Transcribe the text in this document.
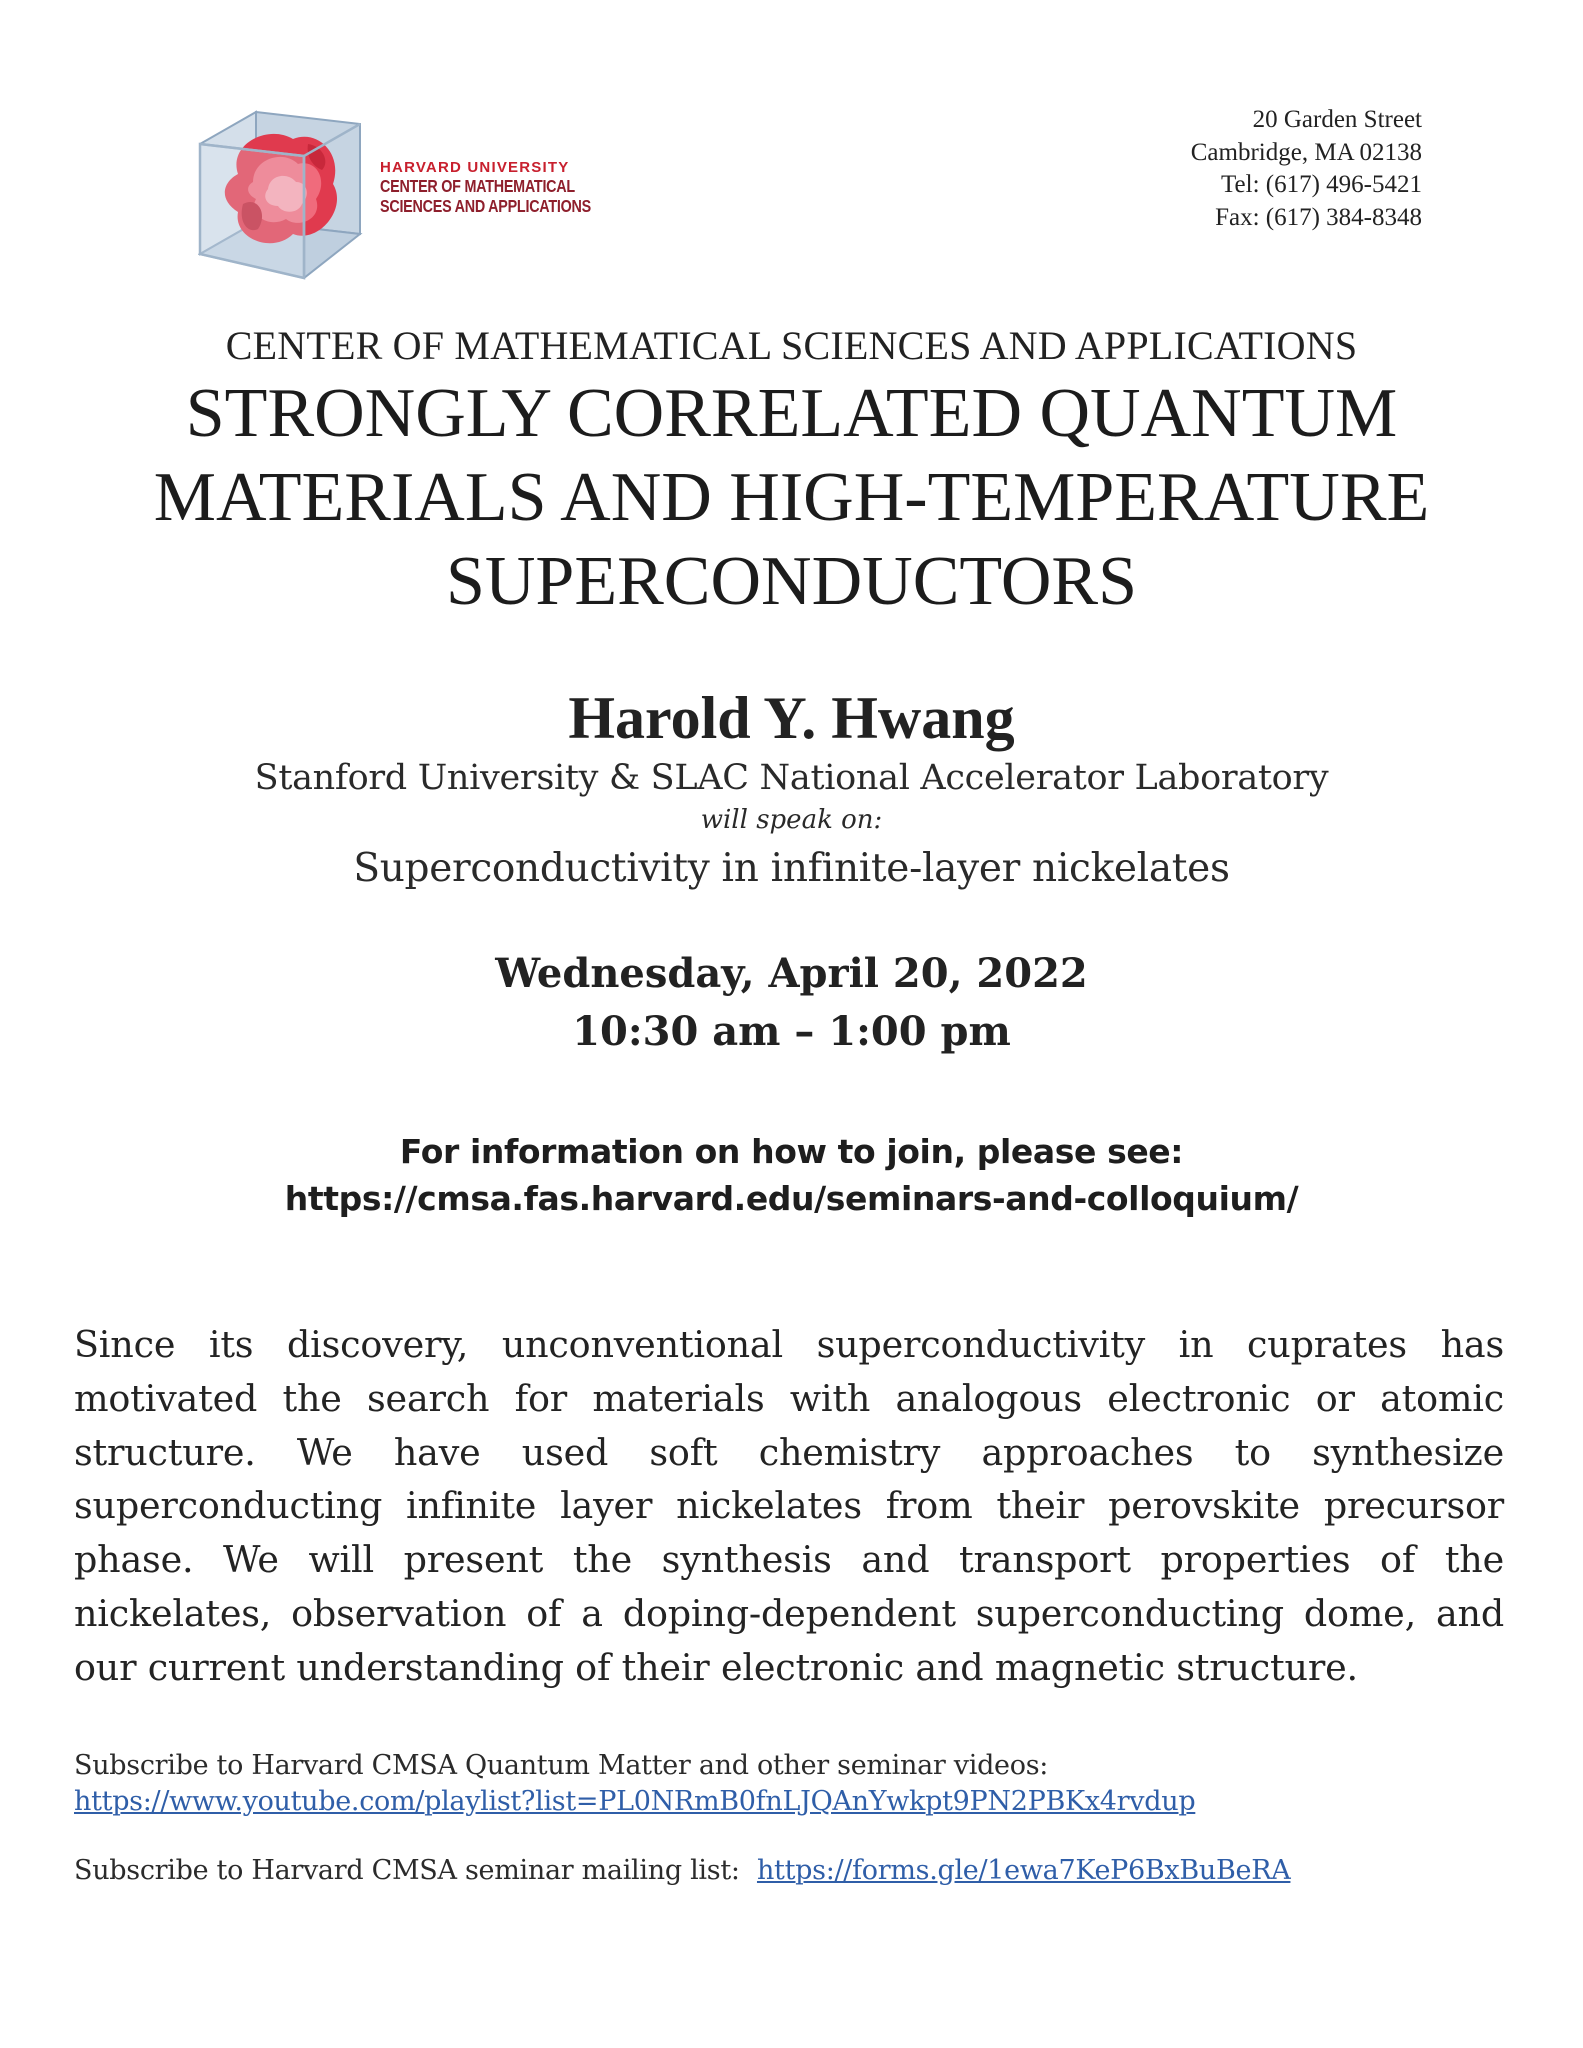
HARVARD UNIVERSITY
CENTER OF MATHEMATICAL
SCIENCES AND APPLICATIONS
20 Garden Street
Cambridge, MA 02138
Tel: (617) 496-5421
Fax: (617) 384-8348
CENTER OF MATHEMATICAL SCIENCES AND APPLICATIONS
STRONGLY CORRELATED QUANTUM
MATERIALS AND HIGH-TEMPERATURE
SUPERCONDUCTORS
Harold Y. Hwang
Stanford University & SLAC National Accelerator Laboratory
will speak on:
Superconductivity in infinite-layer nickelates
Wednesday, April 20, 2022
10:30 am – 1:00 pm
For information on how to join, please see:
https://cmsa.fas.harvard.edu/seminars-and-colloquium/

Since its discovery, unconventional superconductivity in cuprates has motivated the search for materials with analogous electronic or atomic structure. We have used soft chemistry approaches to synthesize superconducting infinite layer nickelates from their perovskite precursor phase. We will present the synthesis and transport properties of the nickelates, observation of a doping-dependent superconducting dome, and our current understanding of their electronic and magnetic structure.

Subscribe to Harvard CMSA Quantum Matter and other seminar videos:
https://www.youtube.com/playlist?list=PL0NRmB0fnLJQAnYwkpt9PN2PBKx4rvdup
Subscribe to Harvard CMSA seminar mailing list: https://forms.gle/1ewa7KeP6BxBuBeRA
